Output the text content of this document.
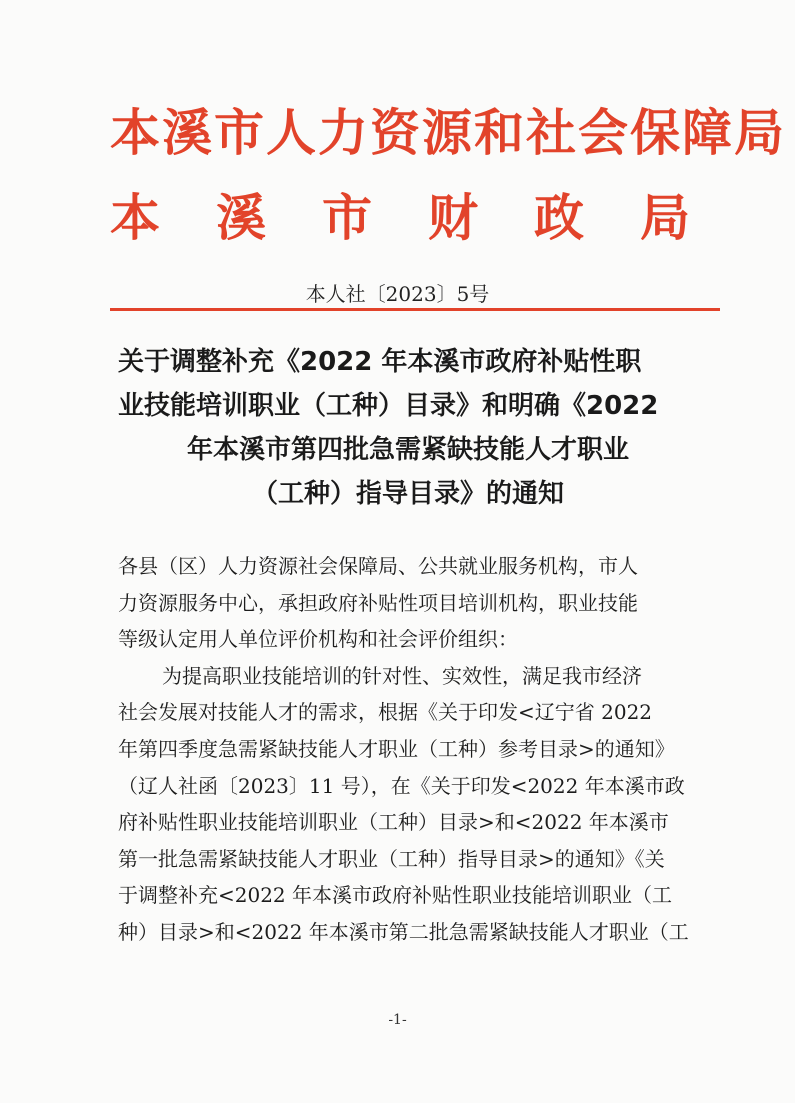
本溪市人力资源和社会保障局
本 溪 市 财 政 局
本人社〔2023〕5号
关于调整补充《2022 年本溪市政府补贴性职
业技能培训职业（工种）目录》和明确《2022
年本溪市第四批急需紧缺技能人才职业
（工种）指导目录》的通知
各县（区）人力资源社会保障局、公共就业服务机构，市人
力资源服务中心，承担政府补贴性项目培训机构，职业技能
等级认定用人单位评价机构和社会评价组织：
为提高职业技能培训的针对性、实效性，满足我市经济
社会发展对技能人才的需求，根据《关于印发<辽宁省 2022
年第四季度急需紧缺技能人才职业（工种）参考目录>的通知》
（辽人社函〔2023〕11 号），在《关于印发<2022 年本溪市政
府补贴性职业技能培训职业（工种）目录>和<2022 年本溪市
第一批急需紧缺技能人才职业（工种）指导目录>的通知》《关
于调整补充<2022 年本溪市政府补贴性职业技能培训职业（工
种）目录>和<2022 年本溪市第二批急需紧缺技能人才职业（工
-1-
